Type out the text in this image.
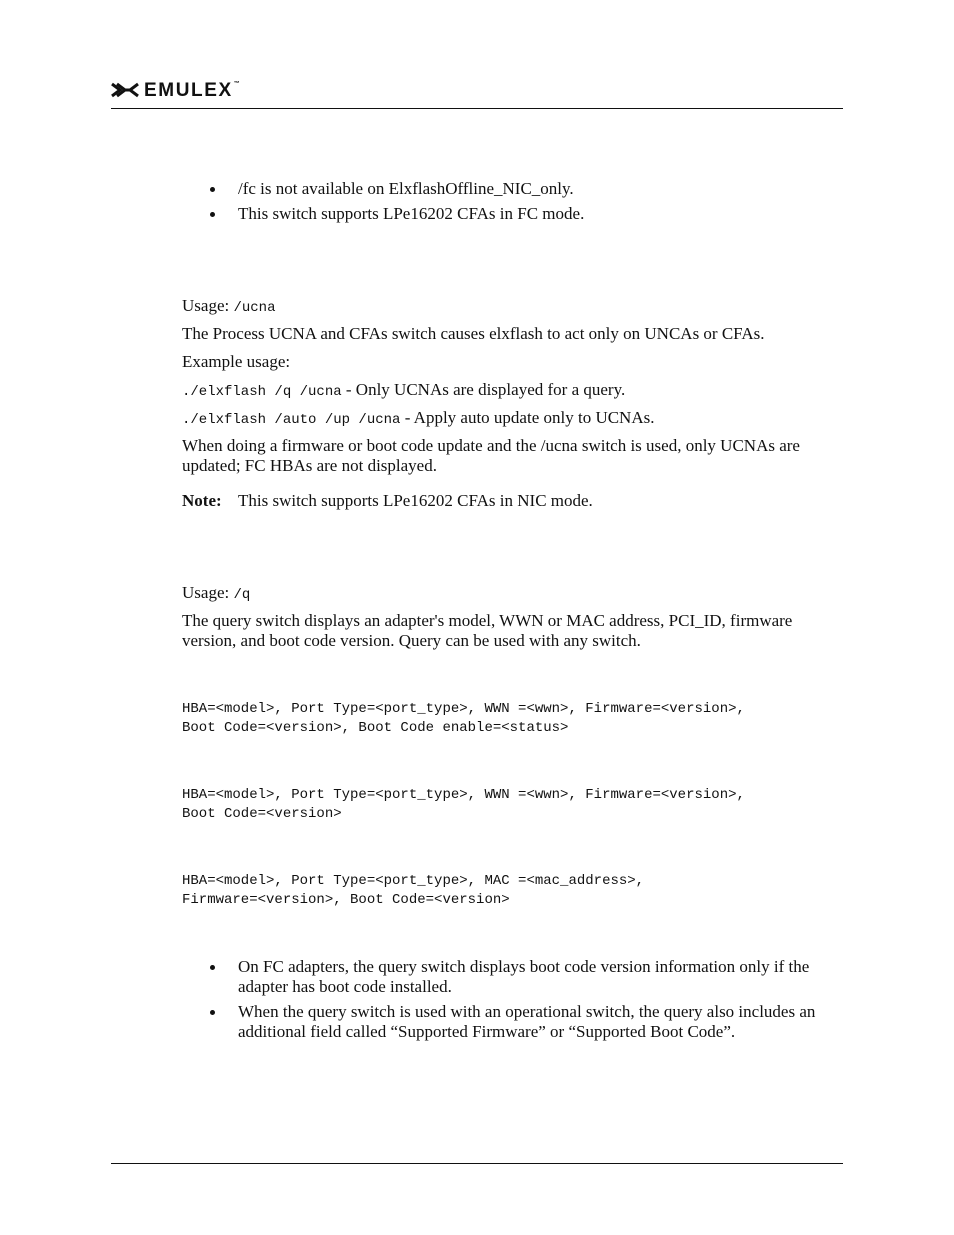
EMULEX™
/fc is not available on ElxflashOffline_NIC_only.
This switch supports LPe16202 CFAs in FC mode.
Usage: /ucna
The Process UCNA and CFAs switch causes elxflash to act only on UNCAs or CFAs.
Example usage:
./elxflash /q /ucna - Only UCNAs are displayed for a query.
./elxflash /auto /up /ucna - Apply auto update only to UCNAs.
When doing a firmware or boot code update and the /ucna switch is used, only UCNAs are updated; FC HBAs are not displayed.
Note: This switch supports LPe16202 CFAs in NIC mode.
Usage: /q
The query switch displays an adapter's model, WWN or MAC address, PCI_ID, firmware version, and boot code version. Query can be used with any switch.
HBA=<model>, Port Type=<port_type>, WWN =<wwn>, Firmware=<version>,
Boot Code=<version>, Boot Code enable=<status>
HBA=<model>, Port Type=<port_type>, WWN =<wwn>, Firmware=<version>,
Boot Code=<version>
HBA=<model>, Port Type=<port_type>, MAC =<mac_address>,
Firmware=<version>, Boot Code=<version>
On FC adapters, the query switch displays boot code version information only if the adapter has boot code installed.
When the query switch is used with an operational switch, the query also includes an additional field called “Supported Firmware” or “Supported Boot Code”.
